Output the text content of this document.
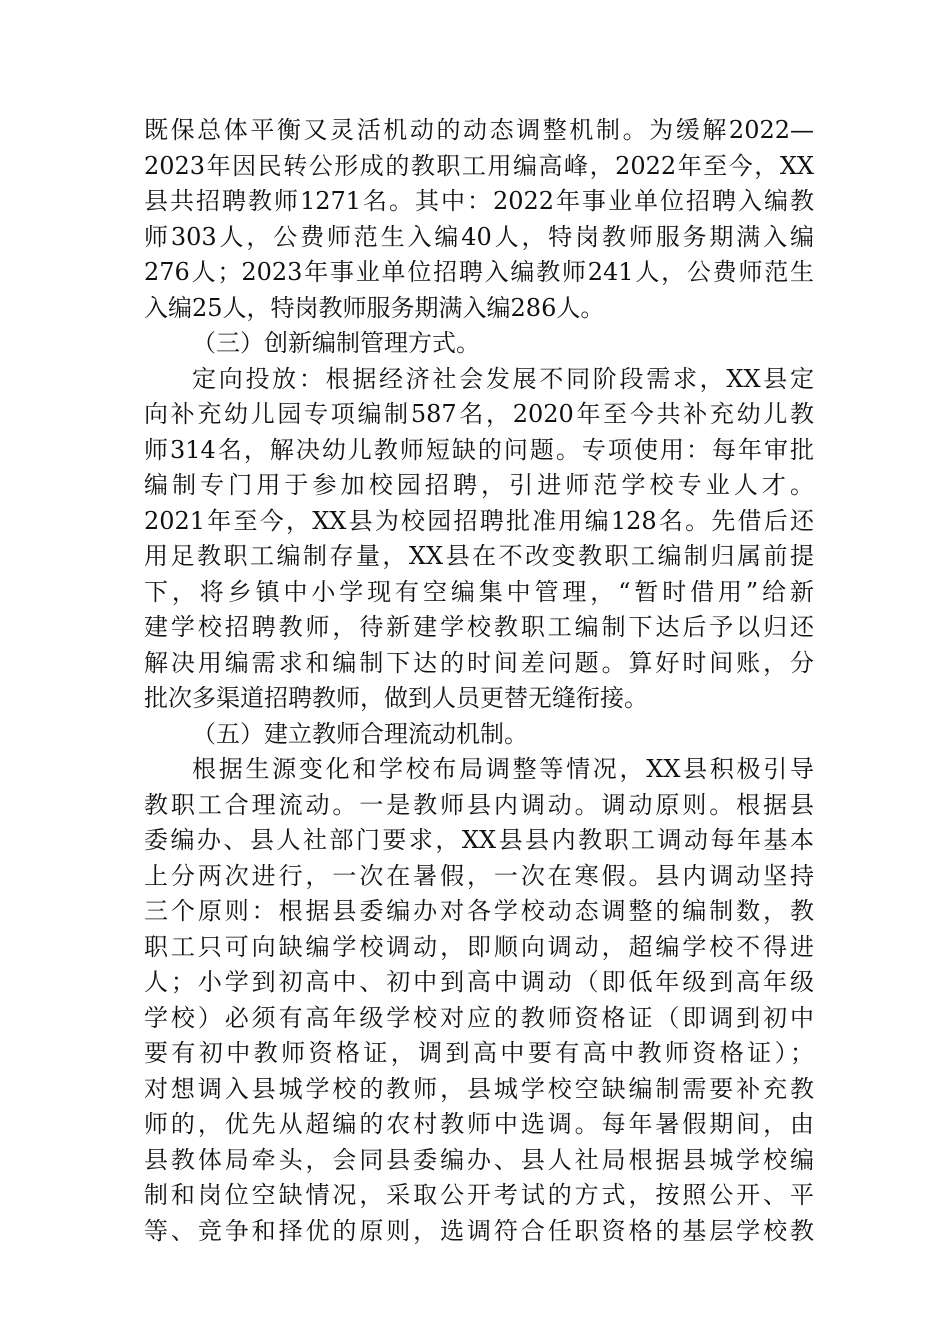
既保总体平衡又灵活机动的动态调整机制。为缓解2022—
2023年因民转公形成的教职工用编高峰，2022年至今，XX
县共招聘教师1271名。其中：2022年事业单位招聘入编教
师303人，公费师范生入编40人，特岗教师服务期满入编
276人；2023年事业单位招聘入编教师241人，公费师范生
入编25人，特岗教师服务期满入编286人。
（三）创新编制管理方式。
定向投放：根据经济社会发展不同阶段需求，XX县定
向补充幼儿园专项编制587名，2020年至今共补充幼儿教
师314名，解决幼儿教师短缺的问题。专项使用：每年审批
编制专门用于参加校园招聘，引进师范学校专业人才。
2021年至今，XX县为校园招聘批准用编128名。先借后还
用足教职工编制存量，XX县在不改变教职工编制归属前提
下，将乡镇中小学现有空编集中管理，“暂时借用”给新
建学校招聘教师，待新建学校教职工编制下达后予以归还
解决用编需求和编制下达的时间差问题。算好时间账，分
批次多渠道招聘教师，做到人员更替无缝衔接。
（五）建立教师合理流动机制。
根据生源变化和学校布局调整等情况，XX县积极引导
教职工合理流动。一是教师县内调动。调动原则。根据县
委编办、县人社部门要求，XX县县内教职工调动每年基本
上分两次进行，一次在暑假，一次在寒假。县内调动坚持
三个原则：根据县委编办对各学校动态调整的编制数，教
职工只可向缺编学校调动，即顺向调动，超编学校不得进
人；小学到初高中、初中到高中调动（即低年级到高年级
学校）必须有高年级学校对应的教师资格证（即调到初中
要有初中教师资格证，调到高中要有高中教师资格证）；
对想调入县城学校的教师，县城学校空缺编制需要补充教
师的，优先从超编的农村教师中选调。每年暑假期间，由
县教体局牵头，会同县委编办、县人社局根据县城学校编
制和岗位空缺情况，采取公开考试的方式，按照公开、平
等、竞争和择优的原则，选调符合任职资格的基层学校教
